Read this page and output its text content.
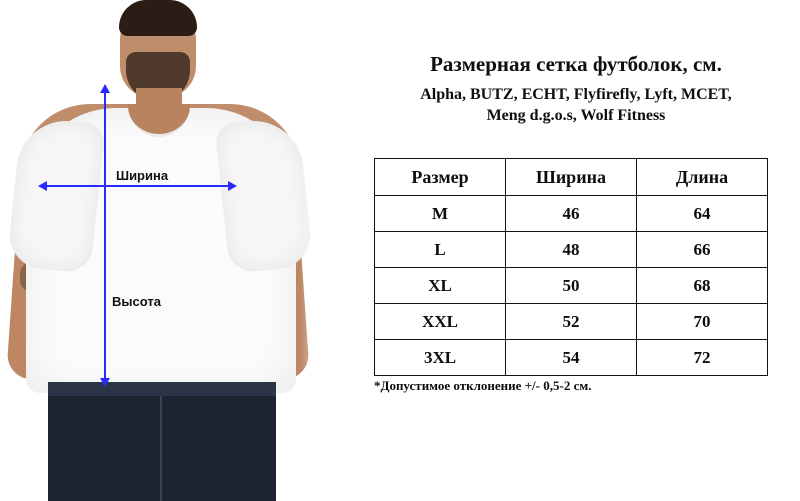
Высота
Ширина
Размерная сетка футболок, см.
Alpha, BUTZ, ECHT, Flyfirefly, Lyft, MCET,
Meng d.g.o.s, Wolf Fitness
Размер	Ширина	Длина
M	46	64
L	48	66
XL	50	68
XXL	52	70
3XL	54	72
*Допустимое отклонение +/- 0,5-2 см.
